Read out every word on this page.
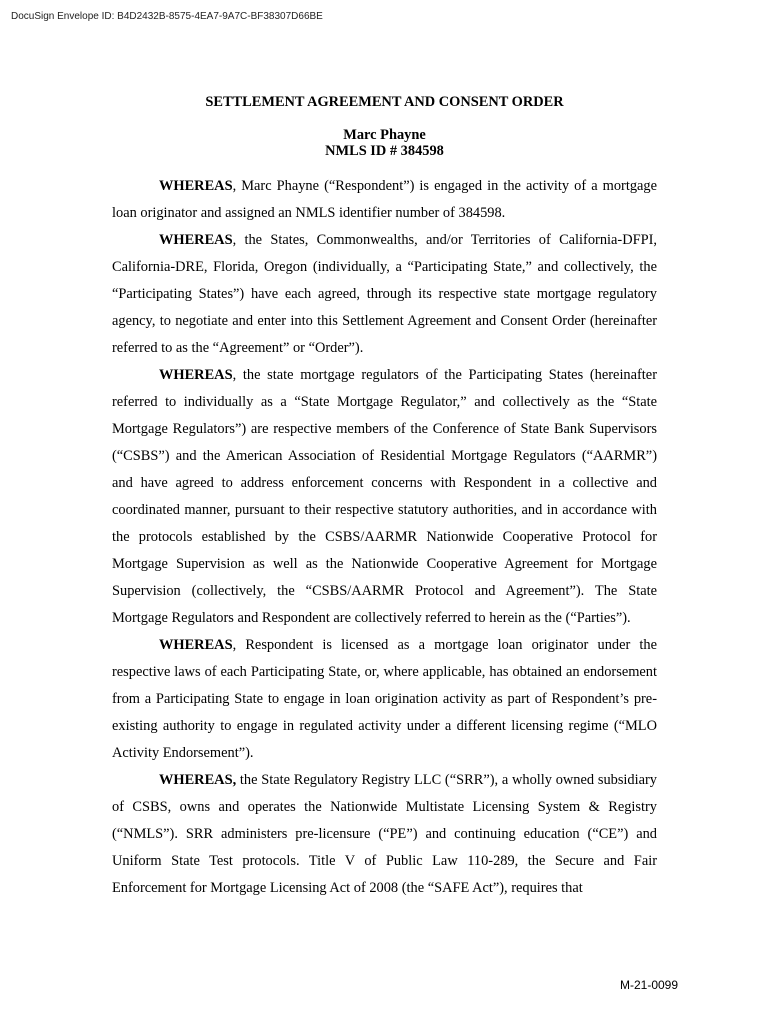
DocuSign Envelope ID: B4D2432B-8575-4EA7-9A7C-BF38307D66BE
SETTLEMENT AGREEMENT AND CONSENT ORDER
Marc Phayne
NMLS ID # 384598

WHEREAS, Marc Phayne (“Respondent”) is engaged in the activity of a mortgage loan originator and assigned an NMLS identifier number of 384598.

WHEREAS, the States, Commonwealths, and/or Territories of California-DFPI, California-DRE, Florida, Oregon (individually, a “Participating State,” and collectively, the “Participating States”) have each agreed, through its respective state mortgage regulatory agency, to negotiate and enter into this Settlement Agreement and Consent Order (hereinafter referred to as the “Agreement” or “Order”).

WHEREAS, the state mortgage regulators of the Participating States (hereinafter referred to individually as a “State Mortgage Regulator,” and collectively as the “State Mortgage Regulators”) are respective members of the Conference of State Bank Supervisors (“CSBS”) and the American Association of Residential Mortgage Regulators (“AARMR”) and have agreed to address enforcement concerns with Respondent in a collective and coordinated manner, pursuant to their respective statutory authorities, and in accordance with the protocols established by the CSBS/AARMR Nationwide Cooperative Protocol for Mortgage Supervision as well as the Nationwide Cooperative Agreement for Mortgage Supervision (collectively, the “CSBS/AARMR Protocol and Agreement”). The State Mortgage Regulators and Respondent are collectively referred to herein as the (“Parties”).

WHEREAS, Respondent is licensed as a mortgage loan originator under the respective laws of each Participating State, or, where applicable, has obtained an endorsement from a Participating State to engage in loan origination activity as part of Respondent’s pre-existing authority to engage in regulated activity under a different licensing regime (“MLO Activity Endorsement”).

WHEREAS, the State Regulatory Registry LLC (“SRR”), a wholly owned subsidiary of CSBS, owns and operates the Nationwide Multistate Licensing System & Registry (“NMLS”). SRR administers pre-licensure (“PE”) and continuing education (“CE”) and Uniform State Test protocols. Title V of Public Law 110-289, the Secure and Fair Enforcement for Mortgage Licensing Act of 2008 (the “SAFE Act”), requires that

M-21-0099
